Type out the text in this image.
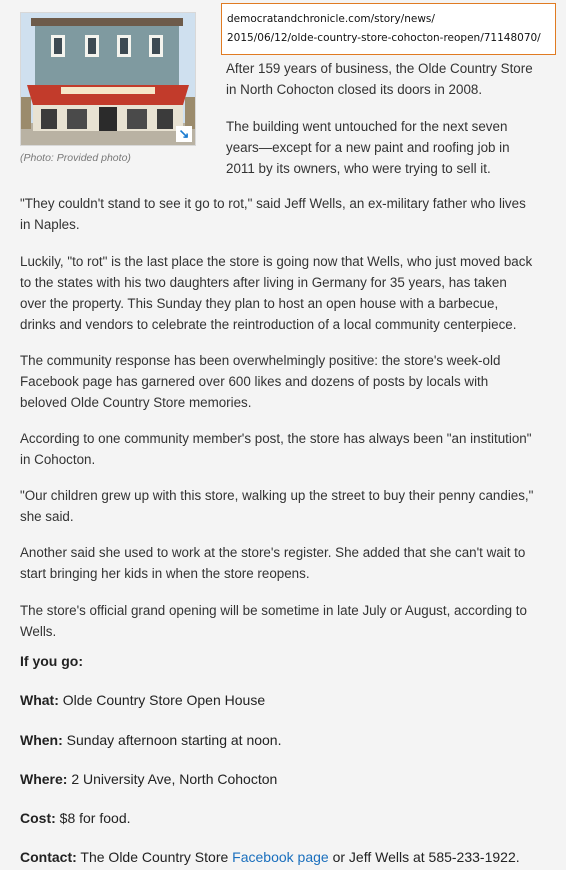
↘
(Photo: Provided photo)
democratandchronicle.com/story/news/
2015/06/12/olde-country-store-cohocton-reopen/71148070/

After 159 years of business, the Olde Country Store
in North Cohocton closed its doors in 2008.

The building went untouched for the next seven
years—except for a new paint and roofing job in
2011 by its owners, who were trying to sell it.

"They couldn't stand to see it go to rot," said Jeff Wells, an ex-military father who lives
in Naples.

Luckily, "to rot" is the last place the store is going now that Wells, who just moved back
to the states with his two daughters after living in Germany for 35 years, has taken
over the property. This Sunday they plan to host an open house with a barbecue,
drinks and vendors to celebrate the reintroduction of a local community centerpiece.

The community response has been overwhelmingly positive: the store's week-old
Facebook page has garnered over 600 likes and dozens of posts by locals with
beloved Olde Country Store memories.

According to one community member's post, the store has always been "an institution"
in Cohocton.

"Our children grew up with this store, walking up the street to buy their penny candies,"
she said.

Another said she used to work at the store's register. She added that she can't wait to
start bringing her kids in when the store reopens.

The store's official grand opening will be sometime in late July or August, according to
Wells.

If you go:
What: Olde Country Store Open House
When: Sunday afternoon starting at noon.
Where: 2 University Ave, North Cohocton
Cost: $8 for food.
Contact: The Olde Country Store Facebook page or Jeff Wells at 585-233-1922.
